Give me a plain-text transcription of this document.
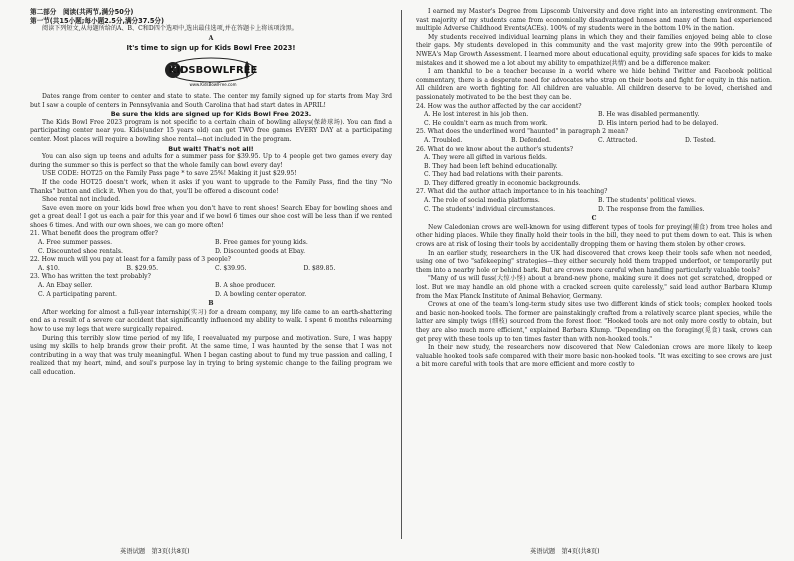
第二部分　阅读(共两节,满分50分)

第一节(共15小题;每小题2.5分,满分37.5分)

阅读下列短文,从每题所给的A、B、C和D四个选项中,选出最佳选项,并在答题卡上将该项涂黑。

A

It's time to sign up for Kids Bowl Free 2023!

KIDSBOWLFREE
www.KidsBowlFree.com

Dates range from center to center and state to state. The center my family signed up for starts from May 3rd but I saw a couple of centers in Pennsylvania and South Carolina that had start dates in APRIL!

Be sure the kids are signed up for Kids Bowl Free 2023.

The Kids Bowl Free 2023 program is not specific to a certain chain of bowling alleys(保龄球场). You can find a participating center near you. Kids(under 15 years old) can get TWO free games EVERY DAY at a participating center. Most places will require a bowling shoe rental—not included in the program.

But wait! That's not all!

You can also sign up teens and adults for a summer pass for $39.95. Up to 4 people get two games every day during the summer so this is perfect so that the whole family can bowl every day!

USE CODE: HOT25 on the Family Pass page * to save 25%! Making it just $29.95!

If the code HOT25 doesn't work, when it asks if you want to upgrade to the Family Pass, find the tiny "No Thanks" button and click it. When you do that, you'll be offered a discount code!

Shoe rental not included.

Save even more on your kids bowl free when you don't have to rent shoes! Search Ebay for bowling shoes and get a great deal! I got us each a pair for this year and if we bowl 6 times our shoe cost will be less than if we rented shoes 6 times. And with our own shoes, we can go more often!

21. What benefit does the program offer?

A. Free summer passes.	B. Free games for young kids.
C. Discounted shoe rentals.	D. Discounted goods at Ebay.

22. How much will you pay at least for a family pass of 3 people?

A. $10.	B. $29.95.	C. $39.95.	D. $89.85.

23. Who has written the text probably?

A. An Ebay seller.	B. A shoe producer.
C. A participating parent.	D. A bowling center operator.

B

After working for almost a full-year internship(实习) for a dream company, my life came to an earth-shattering end as a result of a severe car accident that significantly influenced my ability to walk. I spent 6 months relearning how to use my legs that were surgically repaired.

During this terribly slow time period of my life, I reevaluated my purpose and motivation. Sure, I was happy using my skills to help brands grow their profit. At the same time, I was haunted by the sense that I was not contributing in a way that was truly meaningful. When I began casting about to fund my true passion and calling, I realized that my heart, mind, and soul's purpose lay in trying to bring systemic change to the failing program we call education.

I earned my Master's Degree from Lipscomb University and dove right into an interesting environment. The vast majority of my students came from economically disadvantaged homes and many of them had experienced multiple Adverse Childhood Events(ACEs). 100% of my students were in the bottom 10% in the nation.

My students received individual learning plans in which they and their families enjoyed being able to close their gaps. My students developed in this community and the vast majority grew into the 99th percentile of NWEA's Map Growth Assessment. I learned more about educational equity, providing safe spaces for kids to make mistakes and it showed me a lot about my ability to empathize(共情) and be a difference maker.

I am thankful to be a teacher because in a world where we hide behind Twitter and Facebook political commentary, there is a desperate need for advocates who strap on their boots and fight for equity in this nation. All children are worth fighting for. All children are valuable. All children deserve to be loved, cherished and passionately motivated to be the best they can be.

24. How was the author affected by the car accident?

A. He lost interest in his job then.	B. He was disabled permanently.
C. He couldn't earn as much from work.	D. His intern period had to be delayed.

25. What does the underlined word "haunted" in paragraph 2 mean?

A. Troubled.	B. Defended.	C. Attracted.	D. Tested.

26. What do we know about the author's students?

A. They were all gifted in various fields.

B. They had been left behind educationally.

C. They had bad relations with their parents.

D. They differed greatly in economic backgrounds.

27. What did the author attach importance to in his teaching?

A. The role of social media platforms.	B. The students' political views.
C. The students' individual circumstances.	D. The response from the families.

C

New Caledonian crows are well-known for using different types of tools for preying(捕食) from tree holes and other hiding places. While they finally hold their tools in the bill, they need to put them down to eat. This is when crows are at risk of losing their tools by accidentally dropping them or having them stolen by other crows.

In an earlier study, researchers in the UK had discovered that crows keep their tools safe when not needed, using one of two "safekeeping" strategies—they either securely hold them trapped underfoot, or temporarily put them into a nearby hole or behind bark. But are crows more careful when handling particularly valuable tools?

"Many of us will fuss(大惊小怪) about a brand-new phone, making sure it does not get scratched, dropped or lost. But we may handle an old phone with a cracked screen quite carelessly," said lead author Barbara Klump from the Max Planck Institute of Animal Behavior, Germany.

Crows at one of the team's long-term study sites use two different kinds of stick tools; complex hooked tools and basic non-hooked tools. The former are painstakingly crafted from a relatively scarce plant species, while the latter are simply twigs (细枝) sourced from the forest floor. "Hooked tools are not only more costly to obtain, but they are also much more efficient," explained Barbara Klump. "Depending on the foraging(觅食) task, crows can get prey with these tools up to ten times faster than with non-hooked tools."

In their new study, the researchers now discovered that New Caledonian crows are more likely to keep valuable hooked tools safe compared with their more basic non-hooked tools. "It was exciting to see crows are just a bit more careful with tools that are more efficient and more costly to

英语试题　第3页(共8页)	英语试题　第4页(共8页)
